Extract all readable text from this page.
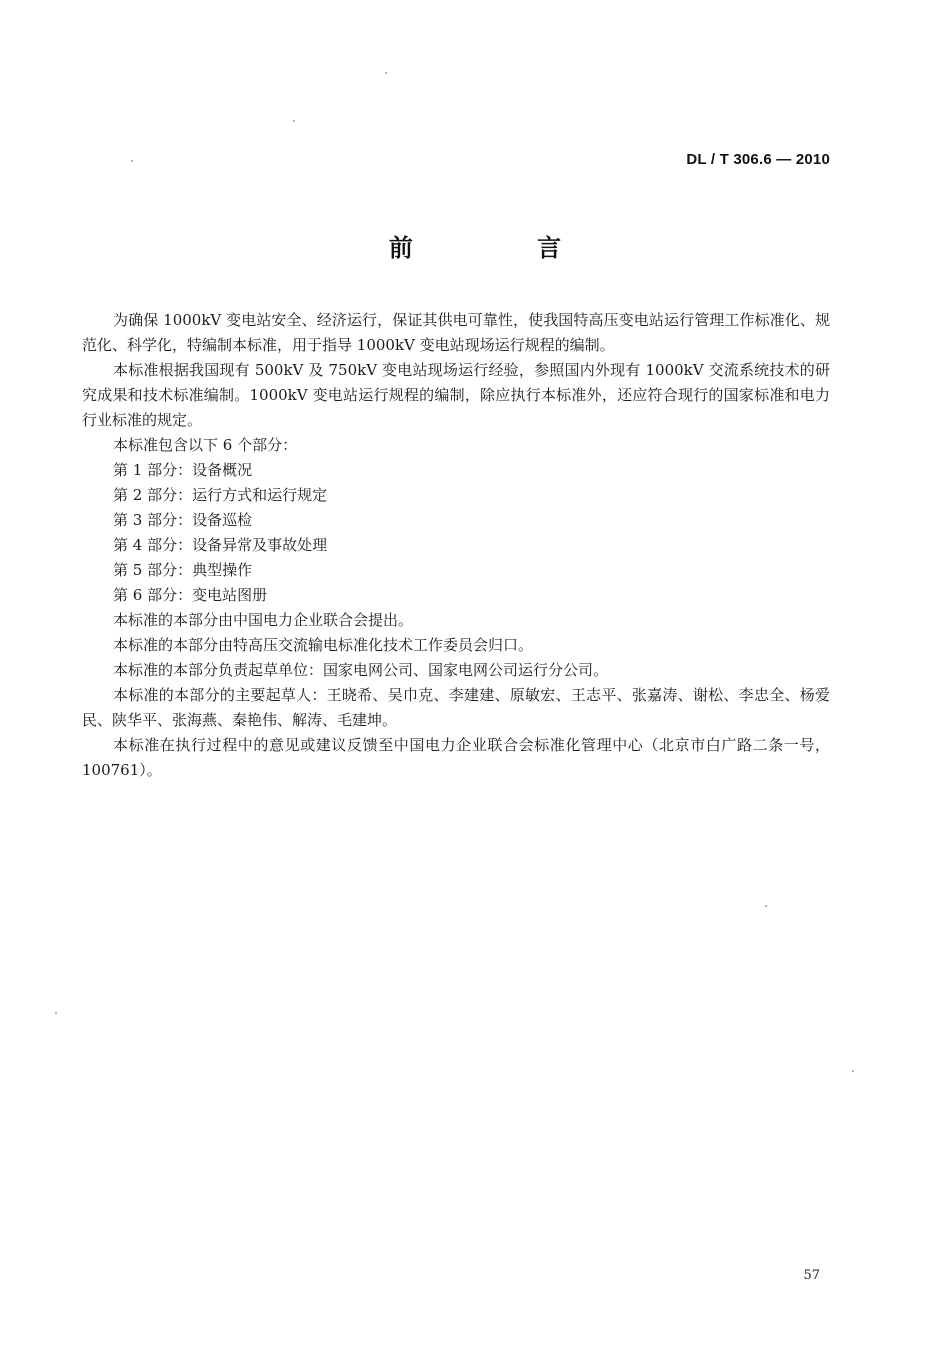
DL / T 306.6 — 2010
前 言

为确保 1000kV 变电站安全、经济运行，保证其供电可靠性，使我国特高压变电站运行管理工作标准化、规范化、科学化，特编制本标准，用于指导 1000kV 变电站现场运行规程的编制。

本标准根据我国现有 500kV 及 750kV 变电站现场运行经验，参照国内外现有 1000kV 交流系统技术的研究成果和技术标准编制。1000kV 变电站运行规程的编制，除应执行本标准外，还应符合现行的国家标准和电力行业标准的规定。

本标准包含以下 6 个部分：

第 1 部分：设备概况

第 2 部分：运行方式和运行规定

第 3 部分：设备巡检

第 4 部分：设备异常及事故处理

第 5 部分：典型操作

第 6 部分：变电站图册

本标准的本部分由中国电力企业联合会提出。

本标准的本部分由特高压交流输电标准化技术工作委员会归口。

本标准的本部分负责起草单位：国家电网公司、国家电网公司运行分公司。

本标准的本部分的主要起草人：王晓希、吴巾克、李建建、原敏宏、王志平、张嘉涛、谢松、李忠全、杨爱民、陕华平、张海燕、秦艳伟、解涛、毛建坤。

本标准在执行过程中的意见或建议反馈至中国电力企业联合会标准化管理中心（北京市白广路二条一号，100761）。

57
